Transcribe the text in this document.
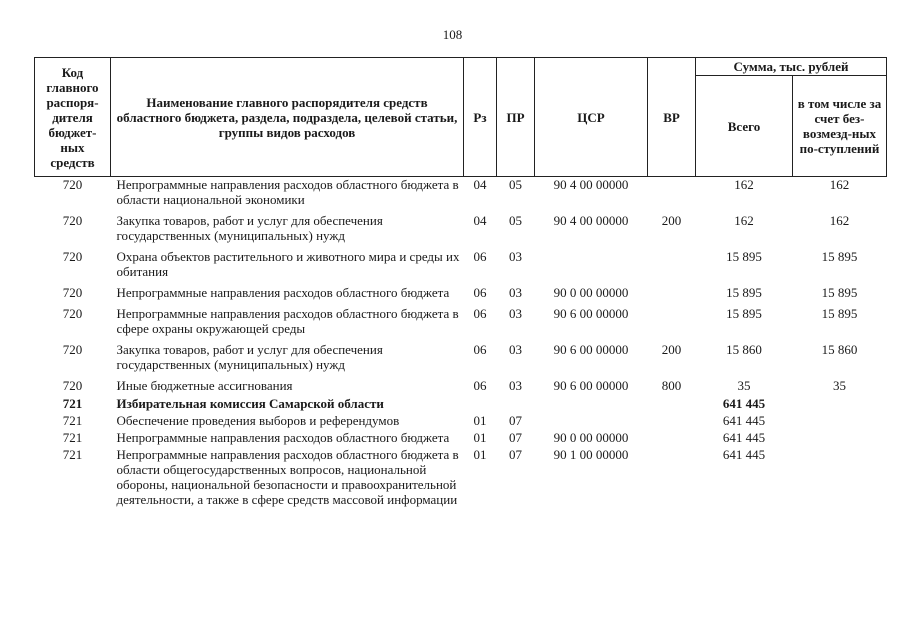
108
Код главного распоря-дителя бюджет-ных средств	Наименование главного распорядителя средств областного бюджета, раздела, подраздела, целевой статьи, группы видов расходов	Рз	ПР	ЦСР	ВР	Сумма, тыс. рублей	
						Всего	в том числе за счет без-возмезд-ных по-ступлений
720	Непрограммные направления расходов областного бюджета в области национальной экономики	04	05	90 4 00 00000		162	162
720	Закупка товаров, работ и услуг для обеспечения государственных (муниципальных) нужд	04	05	90 4 00 00000	200	162	162
720	Охрана объектов растительного и животного мира и среды их обитания	06	03			15 895	15 895
720	Непрограммные направления расходов областного бюджета	06	03	90 0 00 00000		15 895	15 895
720	Непрограммные направления расходов областного бюджета в сфере охраны окружающей среды	06	03	90 6 00 00000		15 895	15 895
720	Закупка товаров, работ и услуг для обеспечения государственных (муниципальных) нужд	06	03	90 6 00 00000	200	15 860	15 860
720	Иные бюджетные ассигнования	06	03	90 6 00 00000	800	35	35
721	Избирательная комиссия Самарской области					641 445	
721	Обеспечение проведения выборов и референдумов	01	07			641 445	
721	Непрограммные направления расходов областного бюджета	01	07	90 0 00 00000		641 445	
721	Непрограммные направления расходов областного бюджета в области общегосударственных вопросов, национальной обороны, национальной безопасности и правоохранительной деятельности, а также в сфере средств массовой информации	01	07	90 1 00 00000		641 445	
